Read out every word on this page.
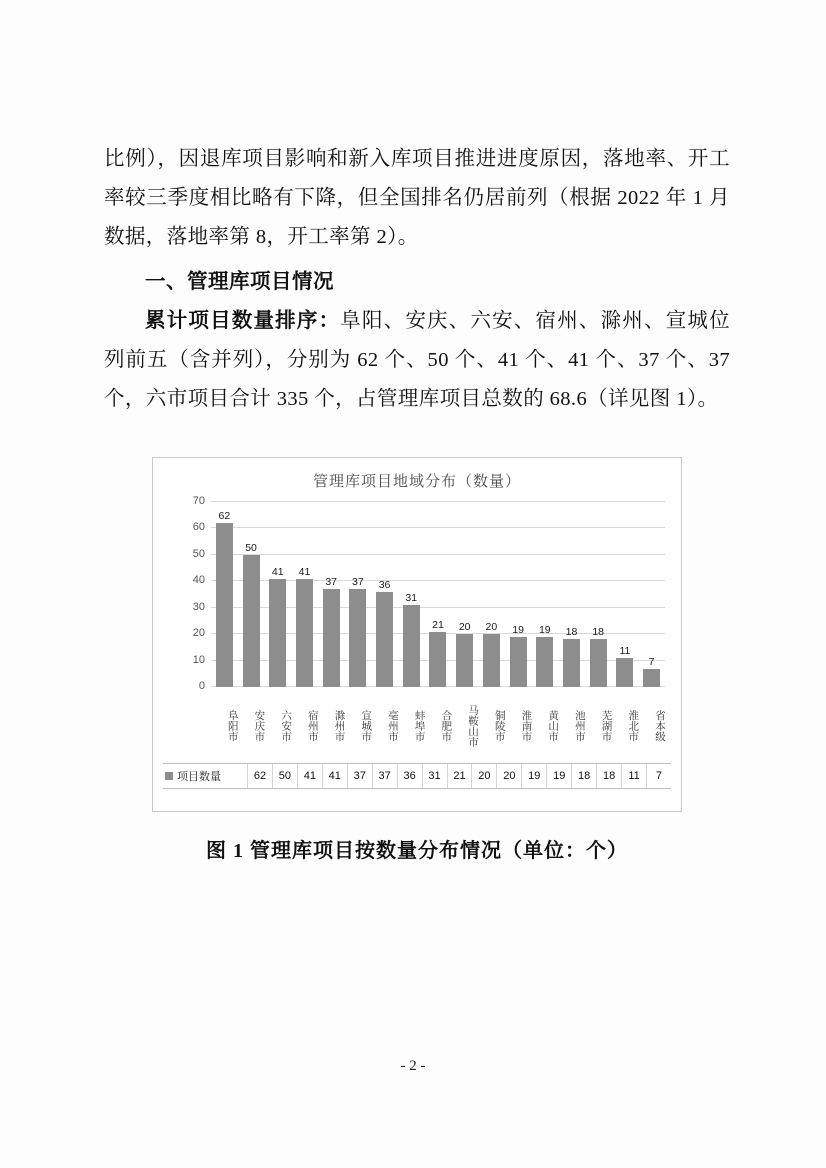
比例），因退库项目影响和新入库项目推进进度原因，落地率、开工率较三季度相比略有下降，但全国排名仍居前列（根据 2022 年 1 月数据，落地率第 8，开工率第 2）。

一、管理库项目情况

累计项目数量排序：阜阳、安庆、六安、宿州、滁州、宣城位列前五（含并列），分别为 62 个、50 个、41 个、41 个、37 个、37 个，六市项目合计 335 个，占管理库项目总数的 68.6（详见图 1）。

管理库项目地域分布（数量）
0
10
20
30
40
50
60
70
62
50
41 41
37 37 36
31
21 20 20 19 19 18 18
11
7
阜阳市	安庆市	六安市	宿州市	滁州市	宣城市	亳州市	蚌埠市	合肥市	马鞍山市	铜陵市	淮南市	黄山市	池州市	芜湖市	淮北市	省本级
项目数量	62	50	41	41	37	37	36	31	21	20	20	19	19	18	18	11	7
图 1 管理库项目按数量分布情况（单位：个）
- 2 -
